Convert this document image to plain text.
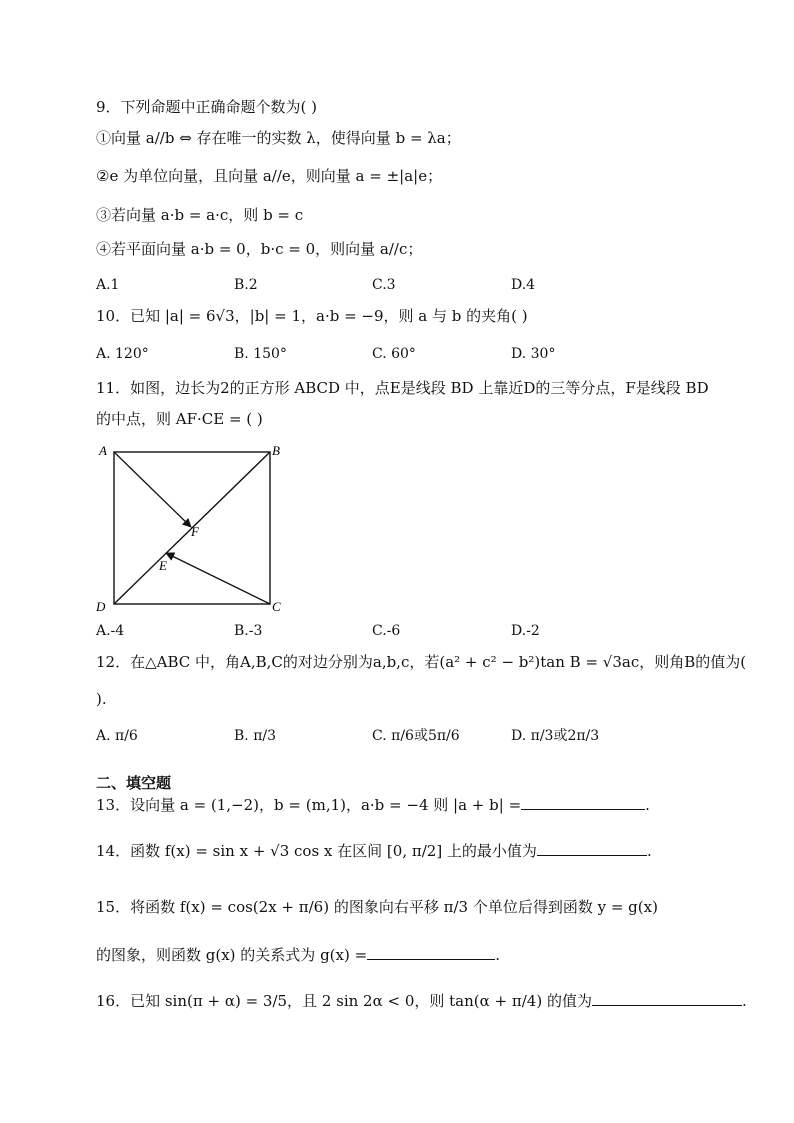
9．下列命题中正确命题个数为( )
①向量 a//b ⇔ 存在唯一的实数 λ，使得向量 b = λa；
②e 为单位向量，且向量 a//e，则向量 a = ±|a|e；
③若向量 a·b = a·c，则 b = c
④若平面向量 a·b = 0，b·c = 0，则向量 a//c；
A.1	B.2	C.3	D.4
10．已知 |a| = 6√3，|b| = 1，a·b = −9，则 a 与 b 的夹角( )
A. 120°	B. 150°	C. 60°	D. 30°
11．如图，边长为2的正方形 ABCD 中，点E是线段 BD 上靠近D的三等分点，F是线段 BD
的中点，则 AF·CE = ( )
A	B
C
D
F
E
A.-4	B.-3	C.-6	D.-2
12．在△ABC 中，角A,B,C的对边分别为a,b,c，若(a² + c² − b²)tan B = √3ac，则角B的值为(
).
A. π/6	B. π/3	C. π/6或5π/6	D. π/3或2π/3
二、填空题
13．设向量 a = (1,−2)，b = (m,1)，a·b = −4 则 |a + b| =	.
14．函数 f(x) = sin x + √3 cos x 在区间 [0, π/2] 上的最小值为	.
15．将函数 f(x) = cos(2x + π/6) 的图象向右平移 π/3 个单位后得到函数 y = g(x)
的图象，则函数 g(x) 的关系式为 g(x) =	.
16．已知 sin(π + α) = 3/5，且 2 sin 2α < 0，则 tan(α + π/4) 的值为	.
